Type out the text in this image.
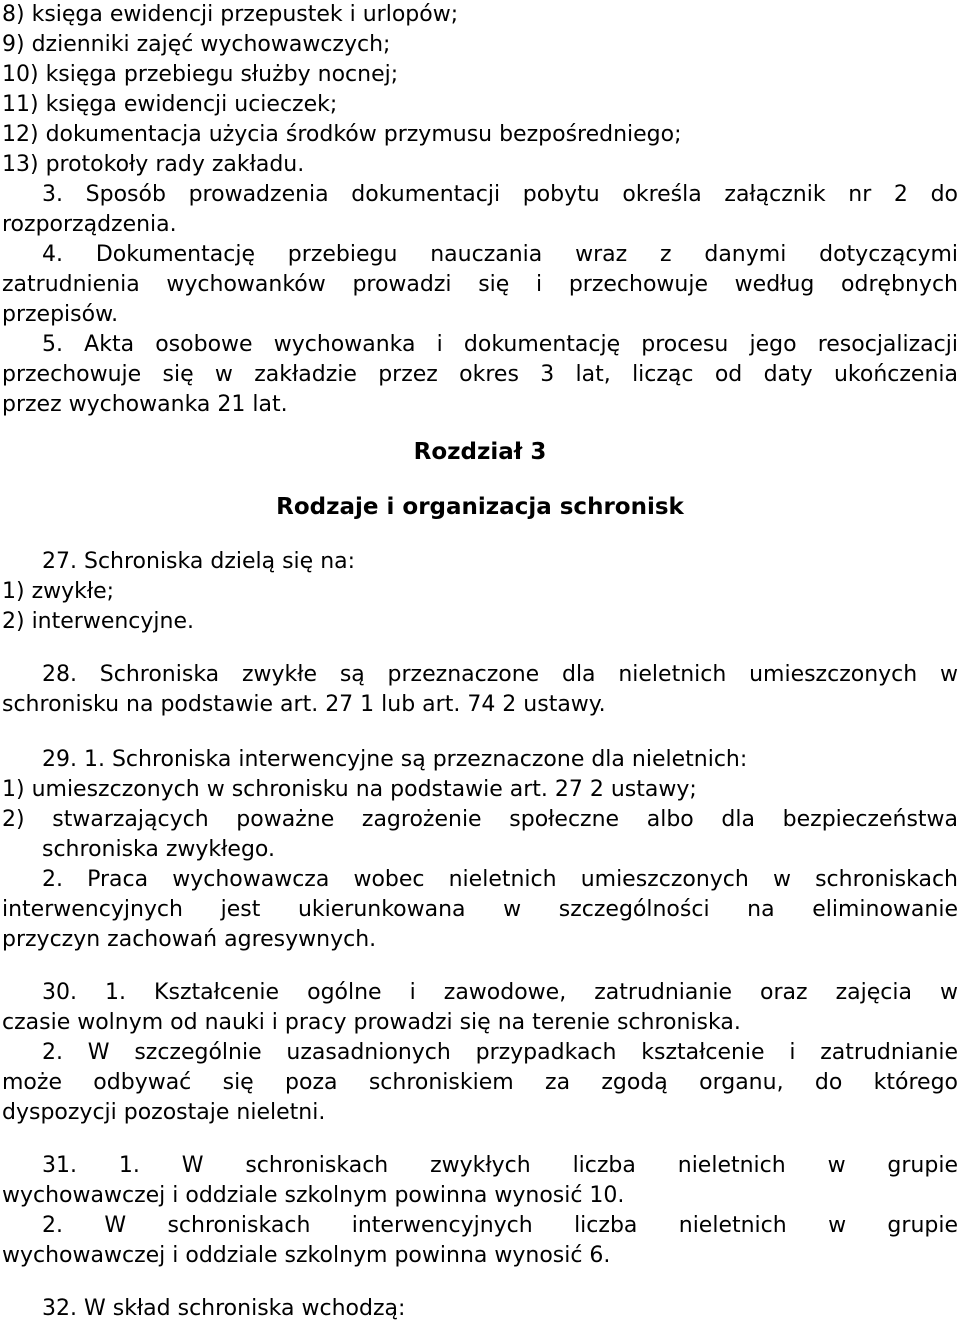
8) księga ewidencji przepustek i urlopów;
9) dzienniki zajęć wychowawczych;
10) księga przebiegu służby nocnej;
11) księga ewidencji ucieczek;
12) dokumentacja użycia środków przymusu bezpośredniego;
13) protokoły rady zakładu.
3. Sposób prowadzenia dokumentacji pobytu określa załącznik nr 2 do
rozporządzenia.
4. Dokumentację przebiegu nauczania wraz z danymi dotyczącymi
zatrudnienia wychowanków prowadzi się i przechowuje według odrębnych
przepisów.
5. Akta osobowe wychowanka i dokumentację procesu jego resocjalizacji
przechowuje się w zakładzie przez okres 3 lat, licząc od daty ukończenia
przez wychowanka 21 lat.
Rozdział 3
Rodzaje i organizacja schronisk
27. Schroniska dzielą się na:
1) zwykłe;
2) interwencyjne.
28. Schroniska zwykłe są przeznaczone dla nieletnich umieszczonych w
schronisku na podstawie art. 27 1 lub art. 74 2 ustawy.
29. 1. Schroniska interwencyjne są przeznaczone dla nieletnich:
1) umieszczonych w schronisku na podstawie art. 27 2 ustawy;
2) stwarzających poważne zagrożenie społeczne albo dla bezpieczeństwa
schroniska zwykłego.
2. Praca wychowawcza wobec nieletnich umieszczonych w schroniskach
interwencyjnych jest ukierunkowana w szczególności na eliminowanie
przyczyn zachowań agresywnych.
30. 1. Kształcenie ogólne i zawodowe, zatrudnianie oraz zajęcia w
czasie wolnym od nauki i pracy prowadzi się na terenie schroniska.
2. W szczególnie uzasadnionych przypadkach kształcenie i zatrudnianie
może odbywać się poza schroniskiem za zgodą organu, do którego
dyspozycji pozostaje nieletni.
31. 1. W schroniskach zwykłych liczba nieletnich w grupie
wychowawczej i oddziale szkolnym powinna wynosić 10.
2. W schroniskach interwencyjnych liczba nieletnich w grupie
wychowawczej i oddziale szkolnym powinna wynosić 6.
32. W skład schroniska wchodzą:
